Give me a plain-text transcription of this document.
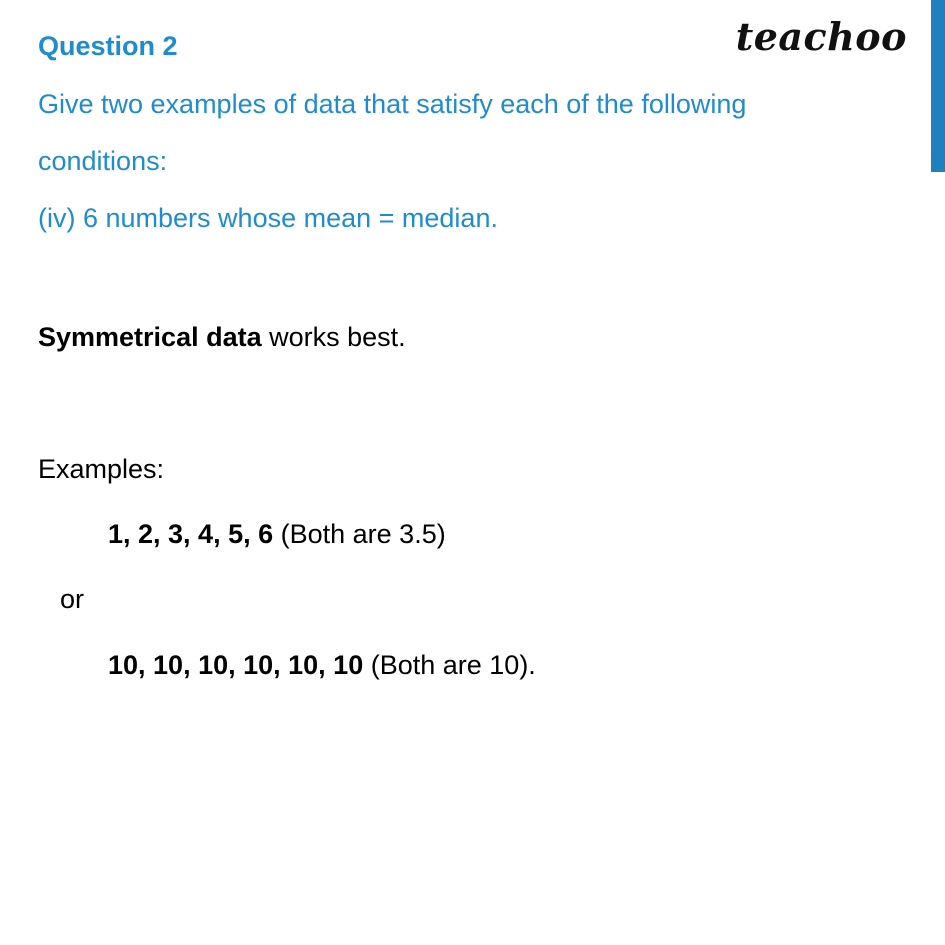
teachoo
Question 2
Give two examples of data that satisfy each of the following
conditions:
(iv) 6 numbers whose mean = median.
Symmetrical data works best.
Examples:
1, 2, 3, 4, 5, 6 (Both are 3.5)
or
10, 10, 10, 10, 10, 10 (Both are 10).
